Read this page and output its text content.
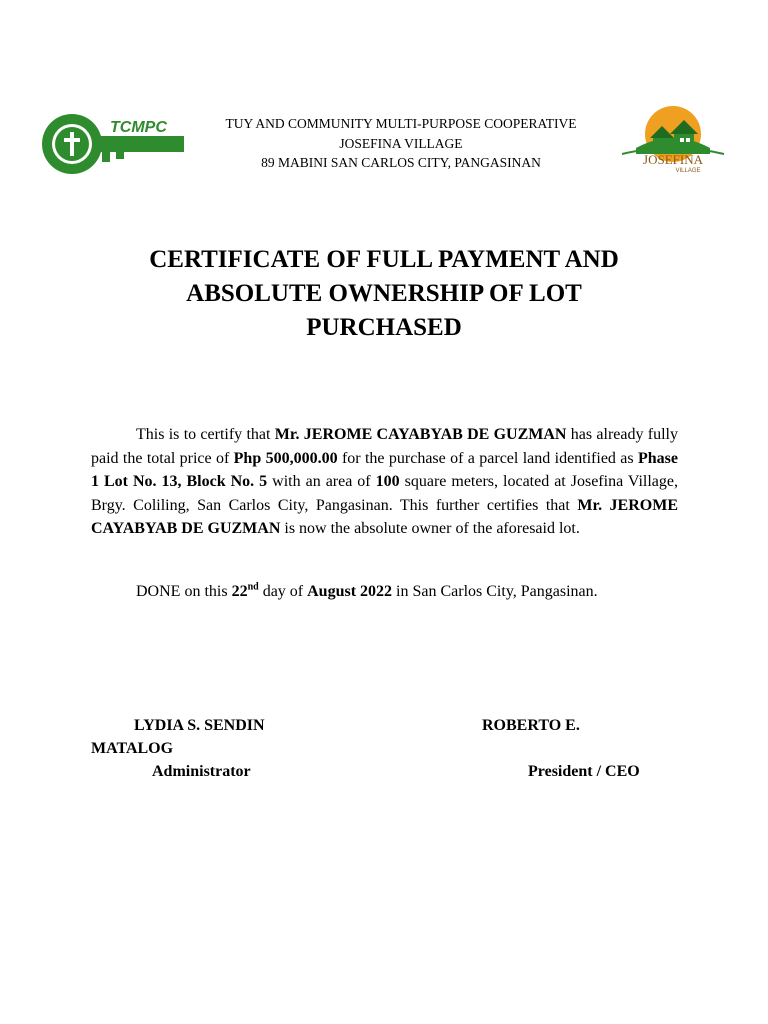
TCMPC
JOSEFINA
VILLAGE
TUY AND COMMUNITY MULTI-PURPOSE COOPERATIVE
JOSEFINA VILLAGE
89 MABINI SAN CARLOS CITY, PANGASINAN
CERTIFICATE OF FULL PAYMENT AND
ABSOLUTE OWNERSHIP OF LOT
PURCHASED
This is to certify that Mr. JEROME CAYABYAB DE GUZMAN has already fully paid the total price of Php 500,000.00 for the purchase of a parcel land identified as Phase 1 Lot No. 13, Block No. 5 with an area of 100 square meters, located at Josefina Village, Brgy. Coliling, San Carlos City, Pangasinan. This further certifies that Mr. JEROME CAYABYAB DE GUZMAN is now the absolute owner of the aforesaid lot.
DONE on this 22nd day of August 2022 in San Carlos City, Pangasinan.
LYDIA S. SENDIN	ROBERTO E.
MATALOG
Administrator	President / CEO
